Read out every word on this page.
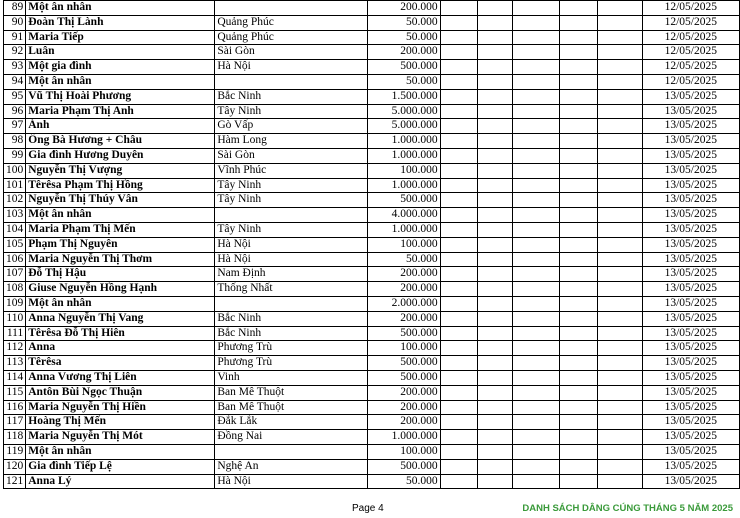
89	Một ân nhân		200.000						12/05/2025
90	Đoàn Thị Lành	Quảng Phúc	50.000						12/05/2025
91	Maria Tiếp	Quảng Phúc	50.000						12/05/2025
92	Luân	Sài Gòn	200.000						12/05/2025
93	Một gia đình	Hà Nội	500.000						12/05/2025
94	Một ân nhân		50.000						12/05/2025
95	Vũ Thị Hoài Phương	Bắc Ninh	1.500.000						13/05/2025
96	Maria Phạm Thị Anh	Tây Ninh	5.000.000						13/05/2025
97	Ánh	Gò Vấp	5.000.000						13/05/2025
98	Ông Bà Hương + Châu	Hàm Long	1.000.000						13/05/2025
99	Gia đình Hương Duyên	Sài Gòn	1.000.000						13/05/2025
100	Nguyễn Thị Vượng	Vĩnh Phúc	100.000						13/05/2025
101	Têrêsa Phạm Thị Hồng	Tây Ninh	1.000.000						13/05/2025
102	Nguyễn Thị Thúy Vân	Tây Ninh	500.000						13/05/2025
103	Một ân nhân		4.000.000						13/05/2025
104	Maria Phạm Thị Mến	Tây Ninh	1.000.000						13/05/2025
105	Phạm Thị Nguyên	Hà Nội	100.000						13/05/2025
106	Maria Nguyễn Thị Thơm	Hà Nội	50.000						13/05/2025
107	Đỗ Thị Hậu	Nam Định	200.000						13/05/2025
108	Giuse Nguyễn Hồng Hạnh	Thống Nhất	200.000						13/05/2025
109	Một ân nhân		2.000.000						13/05/2025
110	Anna Nguyễn Thị Vang	Bắc Ninh	200.000						13/05/2025
111	Têrêsa Đỗ Thị Hiên	Bắc Ninh	500.000						13/05/2025
112	Anna	Phương Trù	100.000						13/05/2025
113	Têrêsa	Phương Trù	500.000						13/05/2025
114	Anna Vương Thị Liên	Vinh	500.000						13/05/2025
115	Antôn Bùi Ngọc Thuận	Ban Mê Thuột	200.000						13/05/2025
116	Maria Nguyễn Thị Hiền	Ban Mê Thuột	200.000						13/05/2025
117	Hoàng Thị Mến	Đắk Lắk	200.000						13/05/2025
118	Maria Nguyễn Thị Mót	Đồng Nai	1.000.000						13/05/2025
119	Một ân nhân		100.000						13/05/2025
120	Gia đình Tiếp Lệ	Nghệ An	500.000						13/05/2025
121	Anna Lý	Hà Nội	50.000						13/05/2025
Page 4	DANH SÁCH DÂNG CÚNG THÁNG 5 NĂM 2025
